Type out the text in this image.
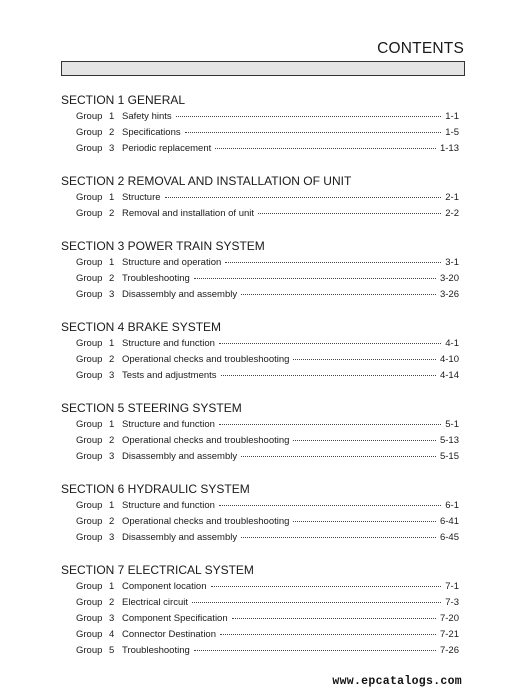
CONTENTS
SECTION 1 GENERAL
Group 1 Safety hints	1-1
Group 2 Specifications	1-5
Group 3 Periodic replacement	1-13
SECTION 2 REMOVAL AND INSTALLATION OF UNIT
Group 1 Structure	2-1
Group 2 Removal and installation of unit	2-2
SECTION 3 POWER TRAIN SYSTEM
Group 1 Structure and operation	3-1
Group 2 Troubleshooting	3-20
Group 3 Disassembly and assembly	3-26
SECTION 4 BRAKE SYSTEM
Group 1 Structure and function	4-1
Group 2 Operational checks and troubleshooting	4-10
Group 3 Tests and adjustments	4-14
SECTION 5 STEERING SYSTEM
Group 1 Structure and function	5-1
Group 2 Operational checks and troubleshooting	5-13
Group 3 Disassembly and assembly	5-15
SECTION 6 HYDRAULIC SYSTEM
Group 1 Structure and function	6-1
Group 2 Operational checks and troubleshooting	6-41
Group 3 Disassembly and assembly	6-45
SECTION 7 ELECTRICAL SYSTEM
Group 1 Component location	7-1
Group 2 Electrical circuit	7-3
Group 3 Component Specification	7-20
Group 4 Connector Destination	7-21
Group 5 Troubleshooting	7-26
www.epcatalogs.com
